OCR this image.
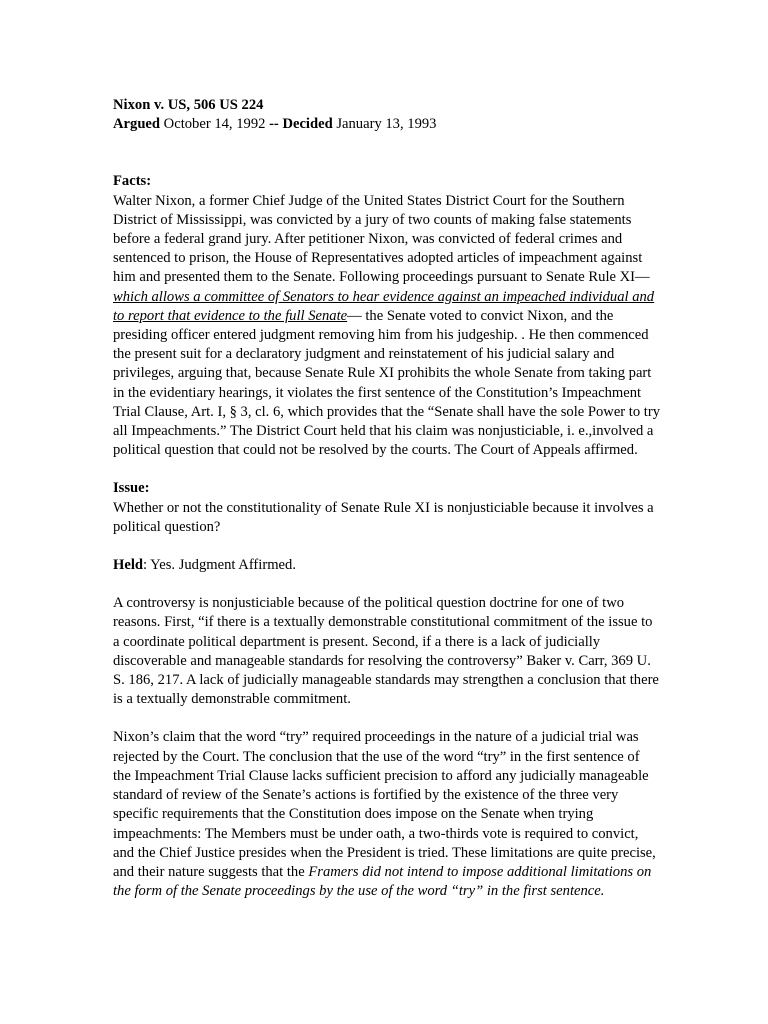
Nixon v. US, 506 US 224

Argued October 14, 1992 -- Decided January 13, 1993

Facts:

Walter Nixon, a former Chief Judge of the United States District Court for the Southern District of Mississippi, was convicted by a jury of two counts of making false statements before a federal grand jury. After petitioner Nixon, was convicted of federal crimes and sentenced to prison, the House of Representatives adopted articles of impeachment against him and presented them to the Senate. Following proceedings pursuant to Senate Rule XI—which allows a committee of Senators to hear evidence against an impeached individual and to report that evidence to the full Senate— the Senate voted to convict Nixon, and the presiding officer entered judgment removing him from his judgeship. . He then commenced the present suit for a declaratory judgment and reinstatement of his judicial salary and privileges, arguing that, because Senate Rule XI prohibits the whole Senate from taking part in the evidentiary hearings, it violates the first sentence of the Constitution’s Impeachment Trial Clause, Art. I, § 3, cl. 6, which provides that the “Senate shall have the sole Power to try all Impeachments.” The District Court held that his claim was nonjusticiable, i. e.,involved a political question that could not be resolved by the courts. The Court of Appeals affirmed.

Issue:

Whether or not the constitutionality of Senate Rule XI is nonjusticiable because it involves a political question?

Held: Yes. Judgment Affirmed.

A controversy is nonjusticiable because of the political question doctrine for one of two reasons. First, “if there is a textually demonstrable constitutional commitment of the issue to a coordinate political department is present. Second, if a there is a lack of judicially discoverable and manageable standards for resolving the controversy” Baker v. Carr, 369 U. S. 186, 217. A lack of judicially manageable standards may strengthen a conclusion that there is a textually demonstrable commitment.

Nixon’s claim that the word “try” required proceedings in the nature of a judicial trial was rejected by the Court. The conclusion that the use of the word “try” in the first sentence of the Impeachment Trial Clause lacks sufficient precision to afford any judicially manageable standard of review of the Senate’s actions is fortified by the existence of the three very specific requirements that the Constitution does impose on the Senate when trying impeachments: The Members must be under oath, a two-thirds vote is required to convict, and the Chief Justice presides when the President is tried. These limitations are quite precise, and their nature suggests that the Framers did not intend to impose additional limitations on the form of the Senate proceedings by the use of the word “try” in the first sentence.
